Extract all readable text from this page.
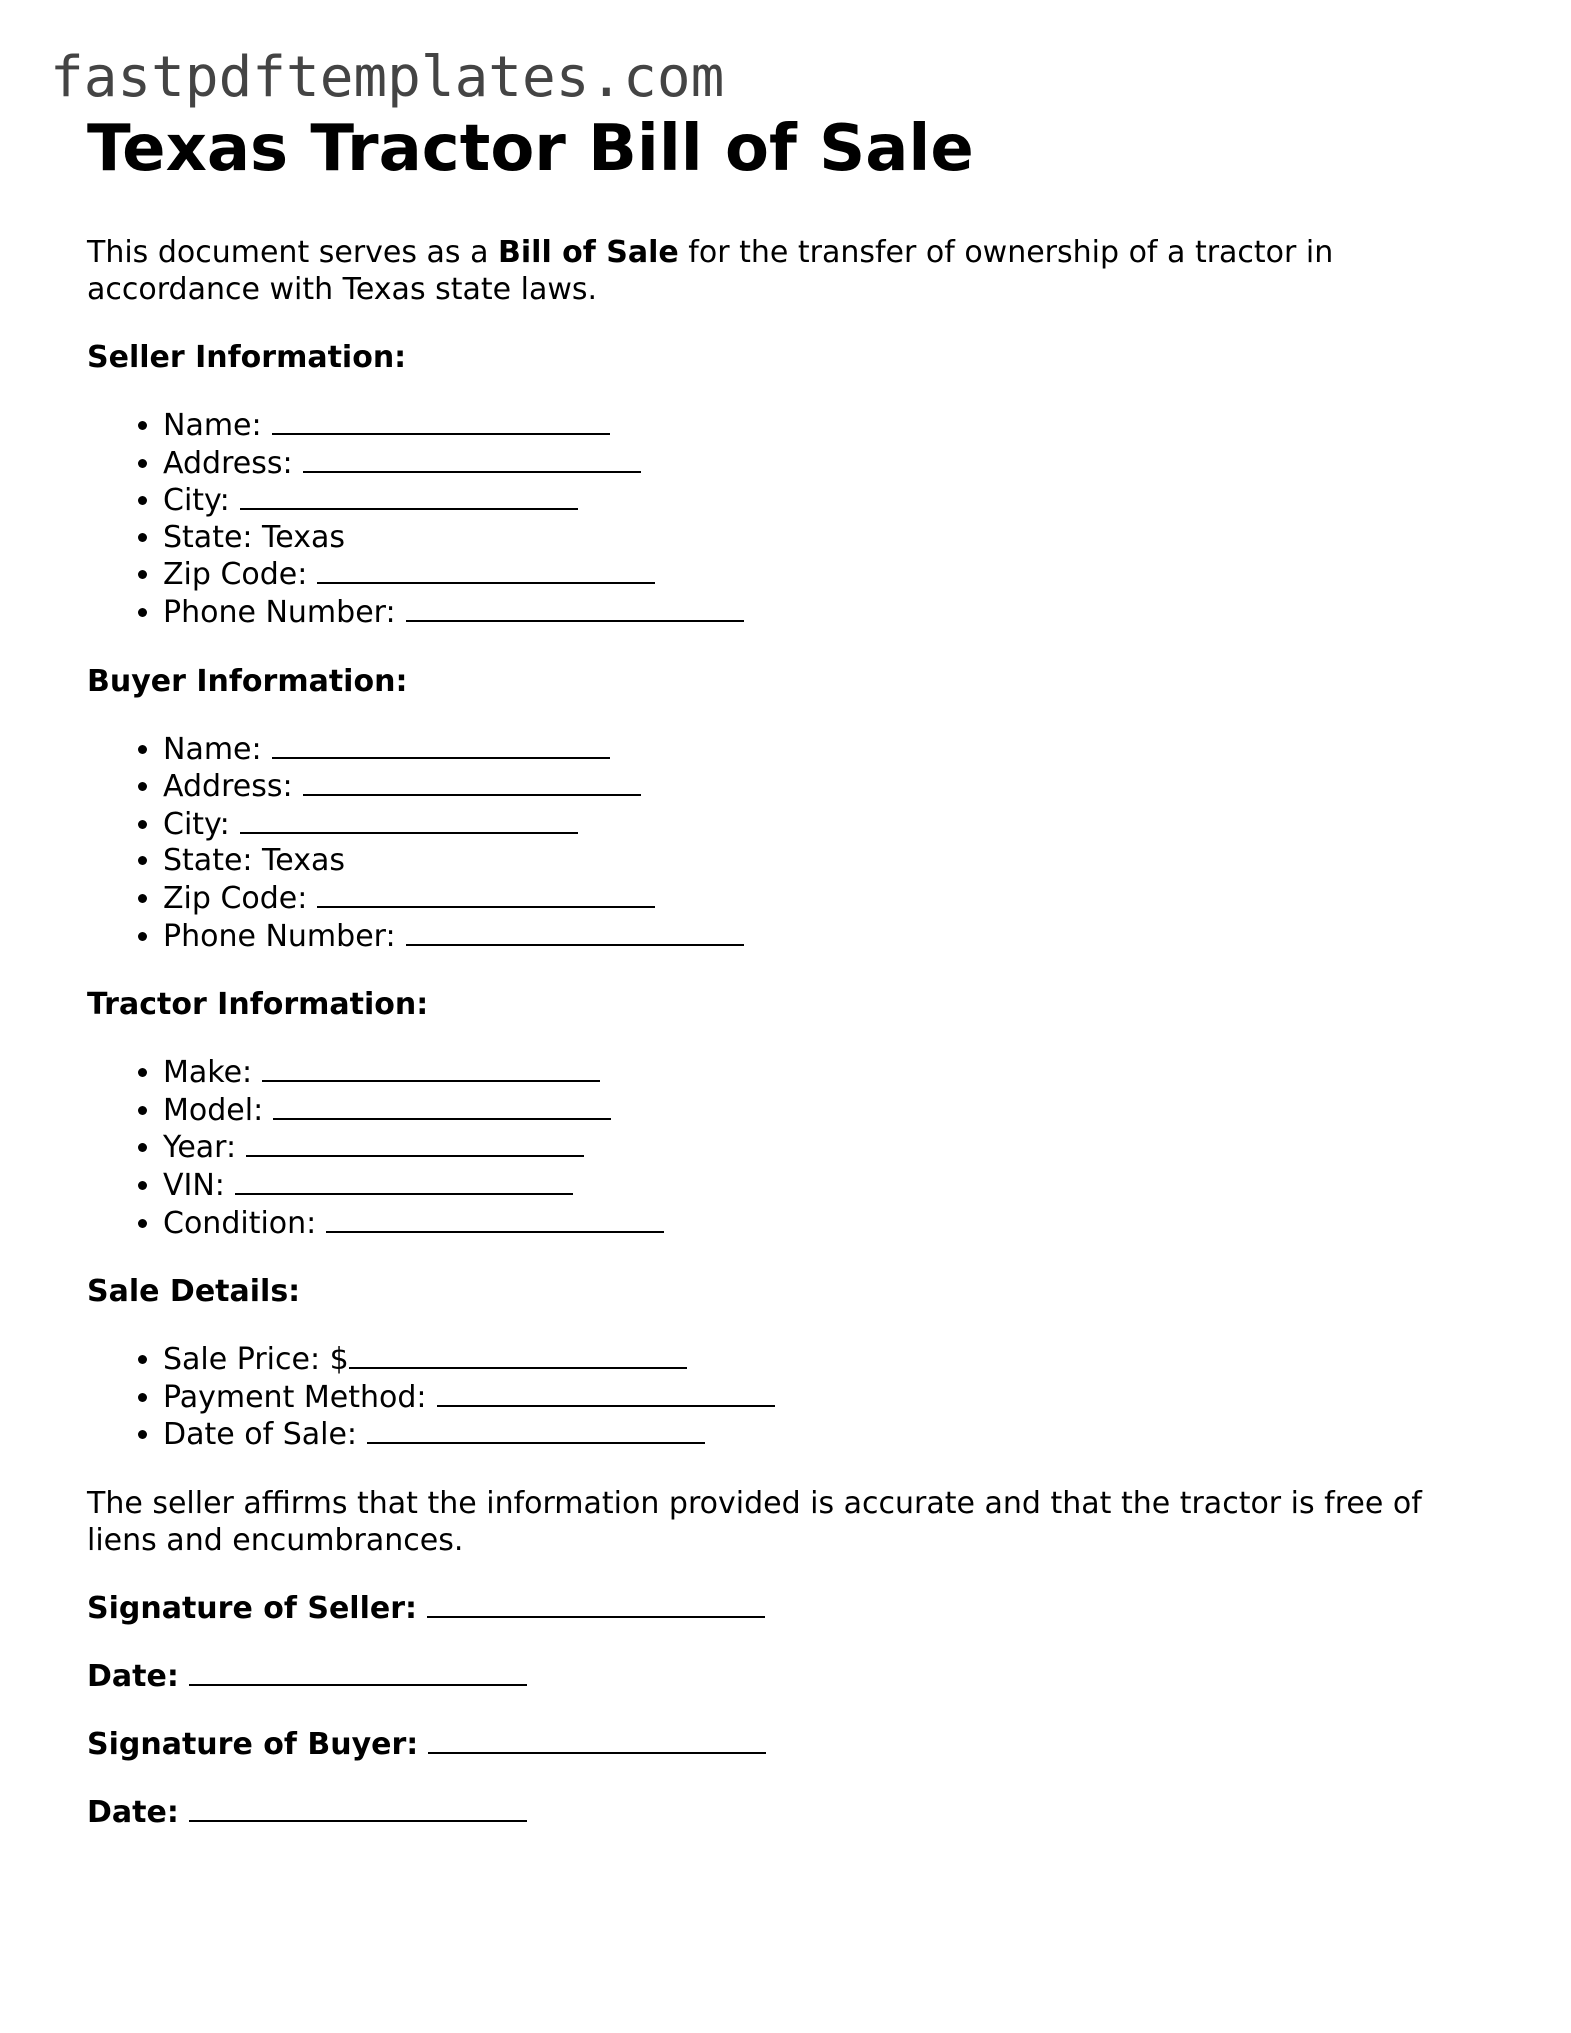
fastpdftemplates.com
Texas Tractor Bill of Sale

This document serves as a Bill of Sale for the transfer of ownership of a tractor in accordance with Texas state laws.

Seller Information:
• Name:
• Address:
• City:
• State: Texas
• Zip Code:
• Phone Number:
Buyer Information:
• Name:
• Address:
• City:
• State: Texas
• Zip Code:
• Phone Number:
Tractor Information:
• Make:
• Model:
• Year:
• VIN:
• Condition:
Sale Details:
• Sale Price: $
• Payment Method:
• Date of Sale:

The seller affirms that the information provided is accurate and that the tractor is free of liens and encumbrances.

Signature of Seller:
Date:
Signature of Buyer:
Date:
